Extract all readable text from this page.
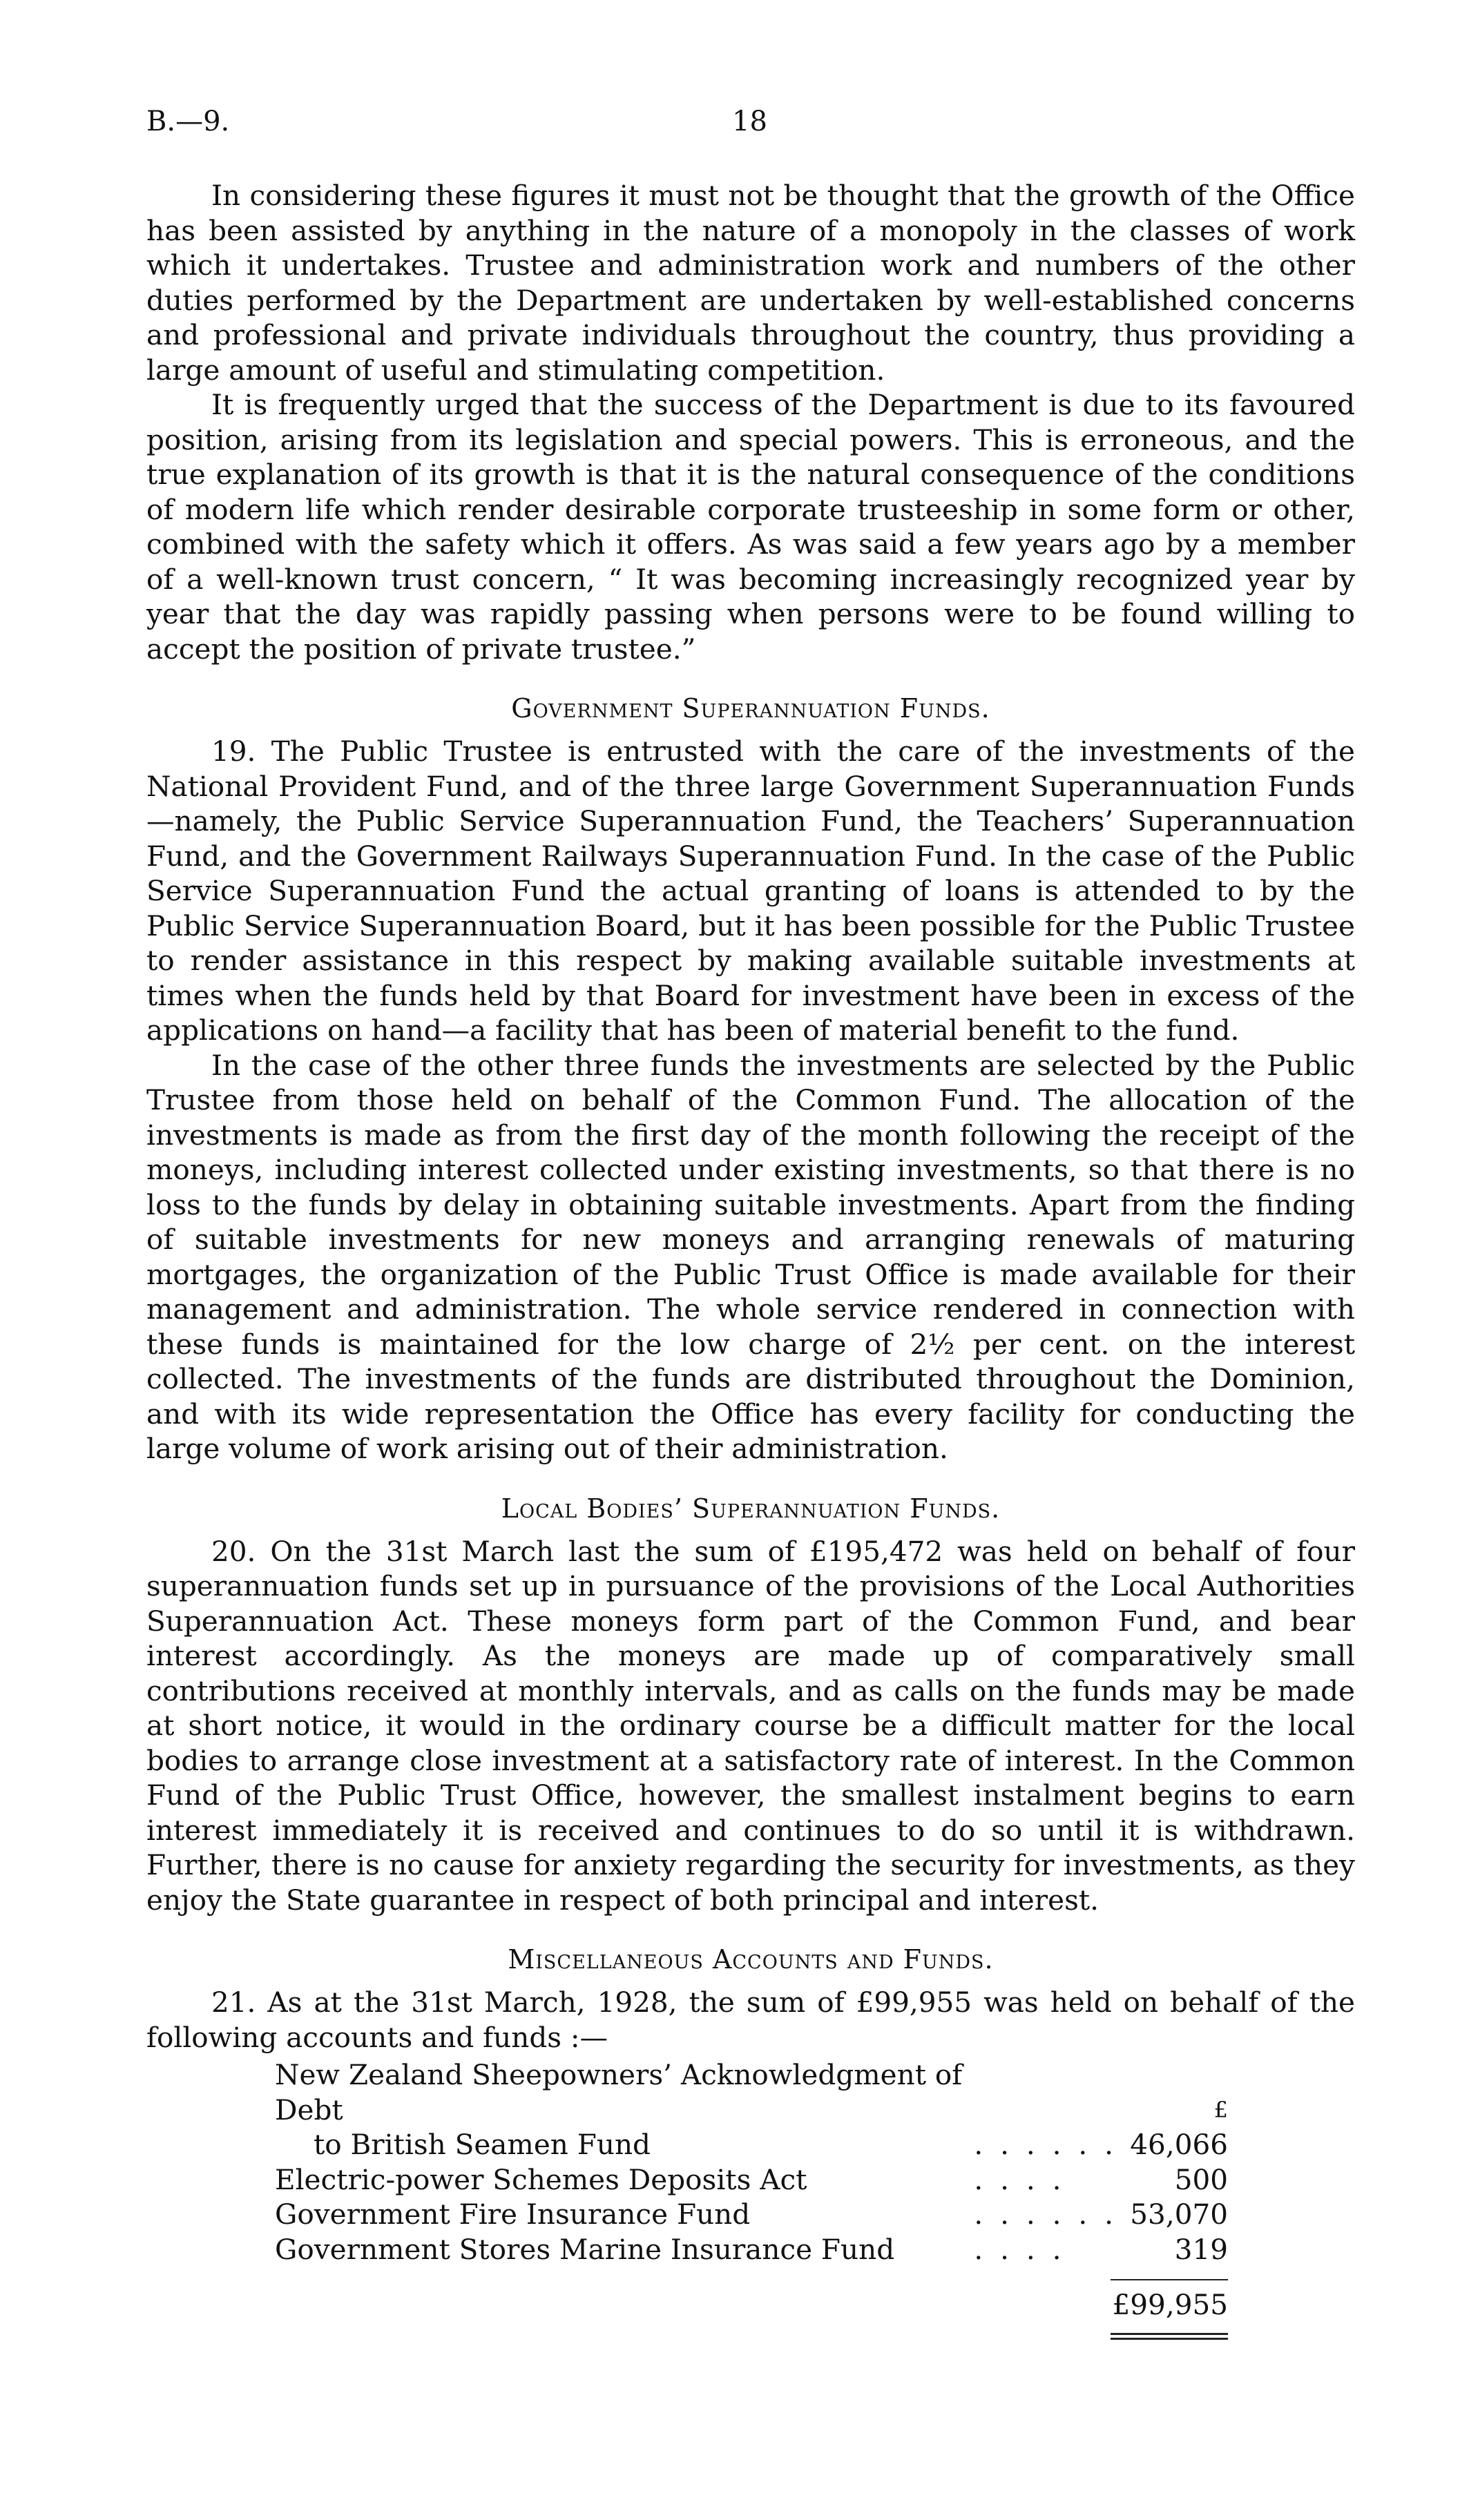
B.—9.	18

In considering these figures it must not be thought that the growth of the Office has been assisted by anything in the nature of a monopoly in the classes of work which it undertakes. Trustee and administration work and numbers of the other duties performed by the Department are undertaken by well-established concerns and professional and private individuals throughout the country, thus providing a large amount of useful and stimulating competition.

It is frequently urged that the success of the Department is due to its favoured position, arising from its legislation and special powers. This is erroneous, and the true explanation of its growth is that it is the natural consequence of the conditions of modern life which render desirable corporate trusteeship in some form or other, combined with the safety which it offers. As was said a few years ago by a member of a well-known trust concern, “ It was becoming increasingly recognized year by year that the day was rapidly passing when persons were to be found willing to accept the position of private trustee.”

Government Superannuation Funds.

19. The Public Trustee is entrusted with the care of the investments of the National Provident Fund, and of the three large Government Superannuation Funds—namely, the Public Service Superannuation Fund, the Teachers’ Superannuation Fund, and the Government Railways Superannuation Fund. In the case of the Public Service Superannuation Fund the actual granting of loans is attended to by the Public Service Superannuation Board, but it has been possible for the Public Trustee to render assistance in this respect by making available suitable investments at times when the funds held by that Board for investment have been in excess of the applications on hand—a facility that has been of material benefit to the fund.

In the case of the other three funds the investments are selected by the Public Trustee from those held on behalf of the Common Fund. The allocation of the investments is made as from the first day of the month following the receipt of the moneys, including interest collected under existing investments, so that there is no loss to the funds by delay in obtaining suitable investments. Apart from the finding of suitable investments for new moneys and arranging renewals of maturing mortgages, the organization of the Public Trust Office is made available for their management and administration. The whole service rendered in connection with these funds is maintained for the low charge of 2½ per cent. on the interest collected. The investments of the funds are distributed throughout the Dominion, and with its wide representation the Office has every facility for conducting the large volume of work arising out of their administration.

Local Bodies’ Superannuation Funds.

20. On the 31st March last the sum of £195,472 was held on behalf of four superannuation funds set up in pursuance of the provisions of the Local Authorities Superannuation Act. These moneys form part of the Common Fund, and bear interest accordingly. As the moneys are made up of comparatively small contributions received at monthly intervals, and as calls on the funds may be made at short notice, it would in the ordinary course be a difficult matter for the local bodies to arrange close investment at a satisfactory rate of interest. In the Common Fund of the Public Trust Office, however, the smallest instalment begins to earn interest immediately it is received and continues to do so until it is withdrawn. Further, there is no cause for anxiety regarding the security for investments, as they enjoy the State guarantee in respect of both principal and interest.

Miscellaneous Accounts and Funds.

21. As at the 31st March, 1928, the sum of £99,955 was held on behalf of the following accounts and funds :—

New Zealand Sheepowners’ Acknowledgment of Debt		£
to British Seamen Fund	. . . . . .	46,066
Electric-power Schemes Deposits Act	. . . .	500
Government Fire Insurance Fund	. . . . . .	53,070
Government Stores Marine Insurance Fund	. . . .	319
£99,955
